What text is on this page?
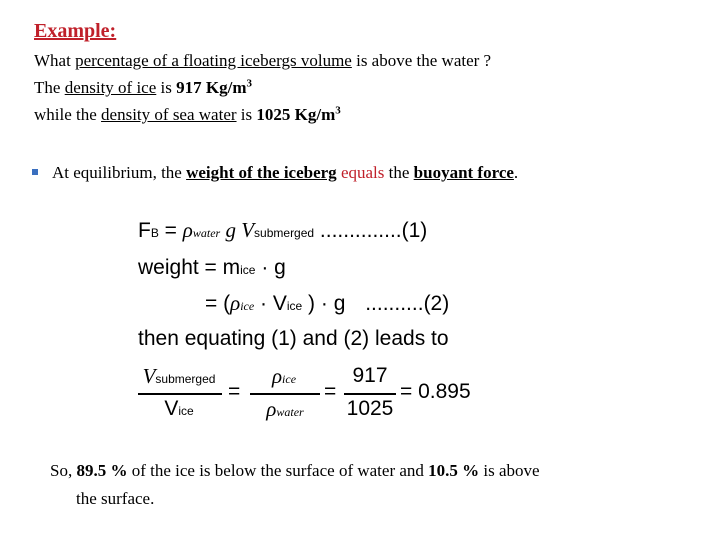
Example:
What percentage of a floating icebergs volume is above the water ?
The density of ice is 917 $Kg/m^3$
while the density of sea water is 1025 $Kg/m^3$
At equilibrium, the weight of the iceberg equals the buoyant force.
FB = ρwater g Vsubmerged ..............(1)
weight = mice · g
= (ρice · Vice ) · g ..........(2)
then equating (1) and (2) leads to
Vsubmerged
Vice
=
ρice
ρwater
=
917
1025
= 0.895
So, 89.5 % of the ice is below the surface of water and 10.5 % is above
the surface.
